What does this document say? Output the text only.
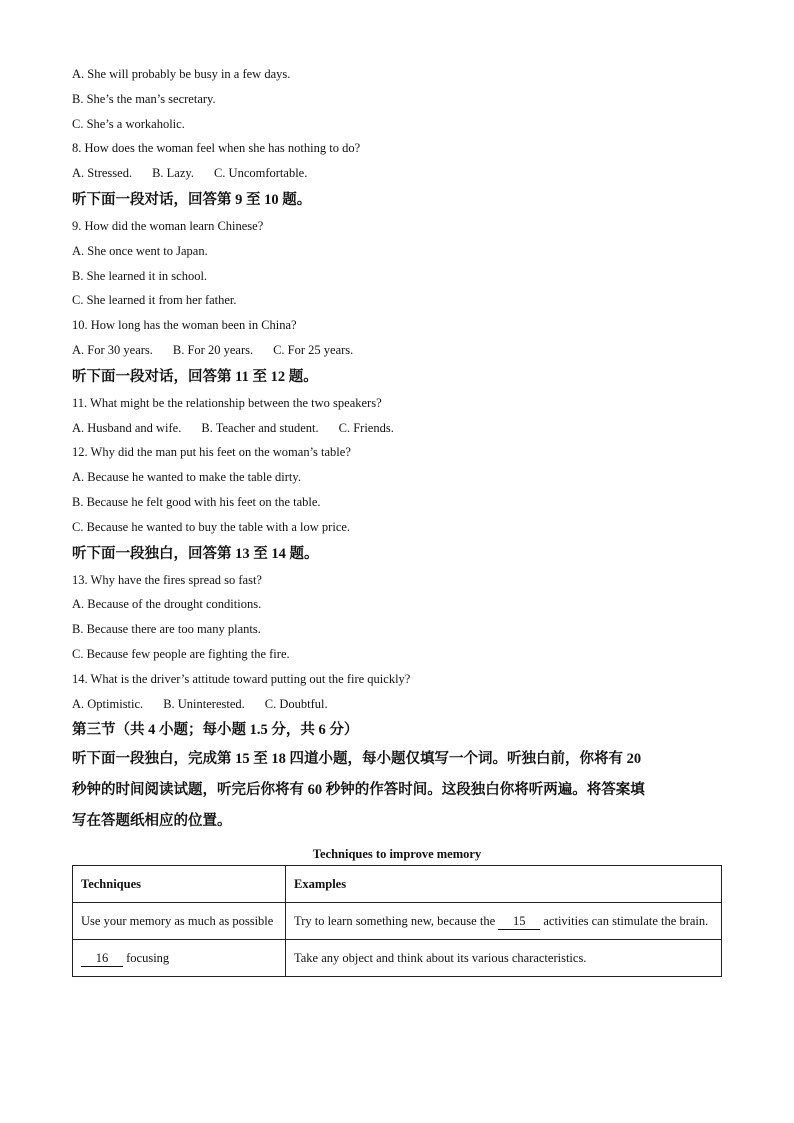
A. She will probably be busy in a few days.
B. She’s the man’s secretary.
C. She’s a workaholic.
8. How does the woman feel when she has nothing to do?
A. Stressed. B. Lazy. C. Uncomfortable.
听下面一段对话，回答第 9 至 10 题。
9. How did the woman learn Chinese?
A. She once went to Japan.
B. She learned it in school.
C. She learned it from her father.
10. How long has the woman been in China?
A. For 30 years. B. For 20 years. C. For 25 years.
听下面一段对话，回答第 11 至 12 题。
11. What might be the relationship between the two speakers?
A. Husband and wife. B. Teacher and student. C. Friends.
12. Why did the man put his feet on the woman’s table?
A. Because he wanted to make the table dirty.
B. Because he felt good with his feet on the table.
C. Because he wanted to buy the table with a low price.
听下面一段独白，回答第 13 至 14 题。
13. Why have the fires spread so fast?
A. Because of the drought conditions.
B. Because there are too many plants.
C. Because few people are fighting the fire.
14. What is the driver’s attitude toward putting out the fire quickly?
A. Optimistic. B. Uninterested. C. Doubtful.
第三节（共 4 小题；每小题 1.5 分，共 6 分）
听下面一段独白，完成第 15 至 18 四道小题，每小题仅填写一个词。听独白前，你将有 20
秒钟的时间阅读试题，听完后你将有 60 秒钟的作答时间。这段独白你将听两遍。将答案填
写在答题纸相应的位置。
Techniques to improve memory
Techniques	Examples
Use your memory as much as possible	Try to learn something new, because the 15 activities can stimulate the brain.
16 focusing	Take any object and think about its various characteristics.
